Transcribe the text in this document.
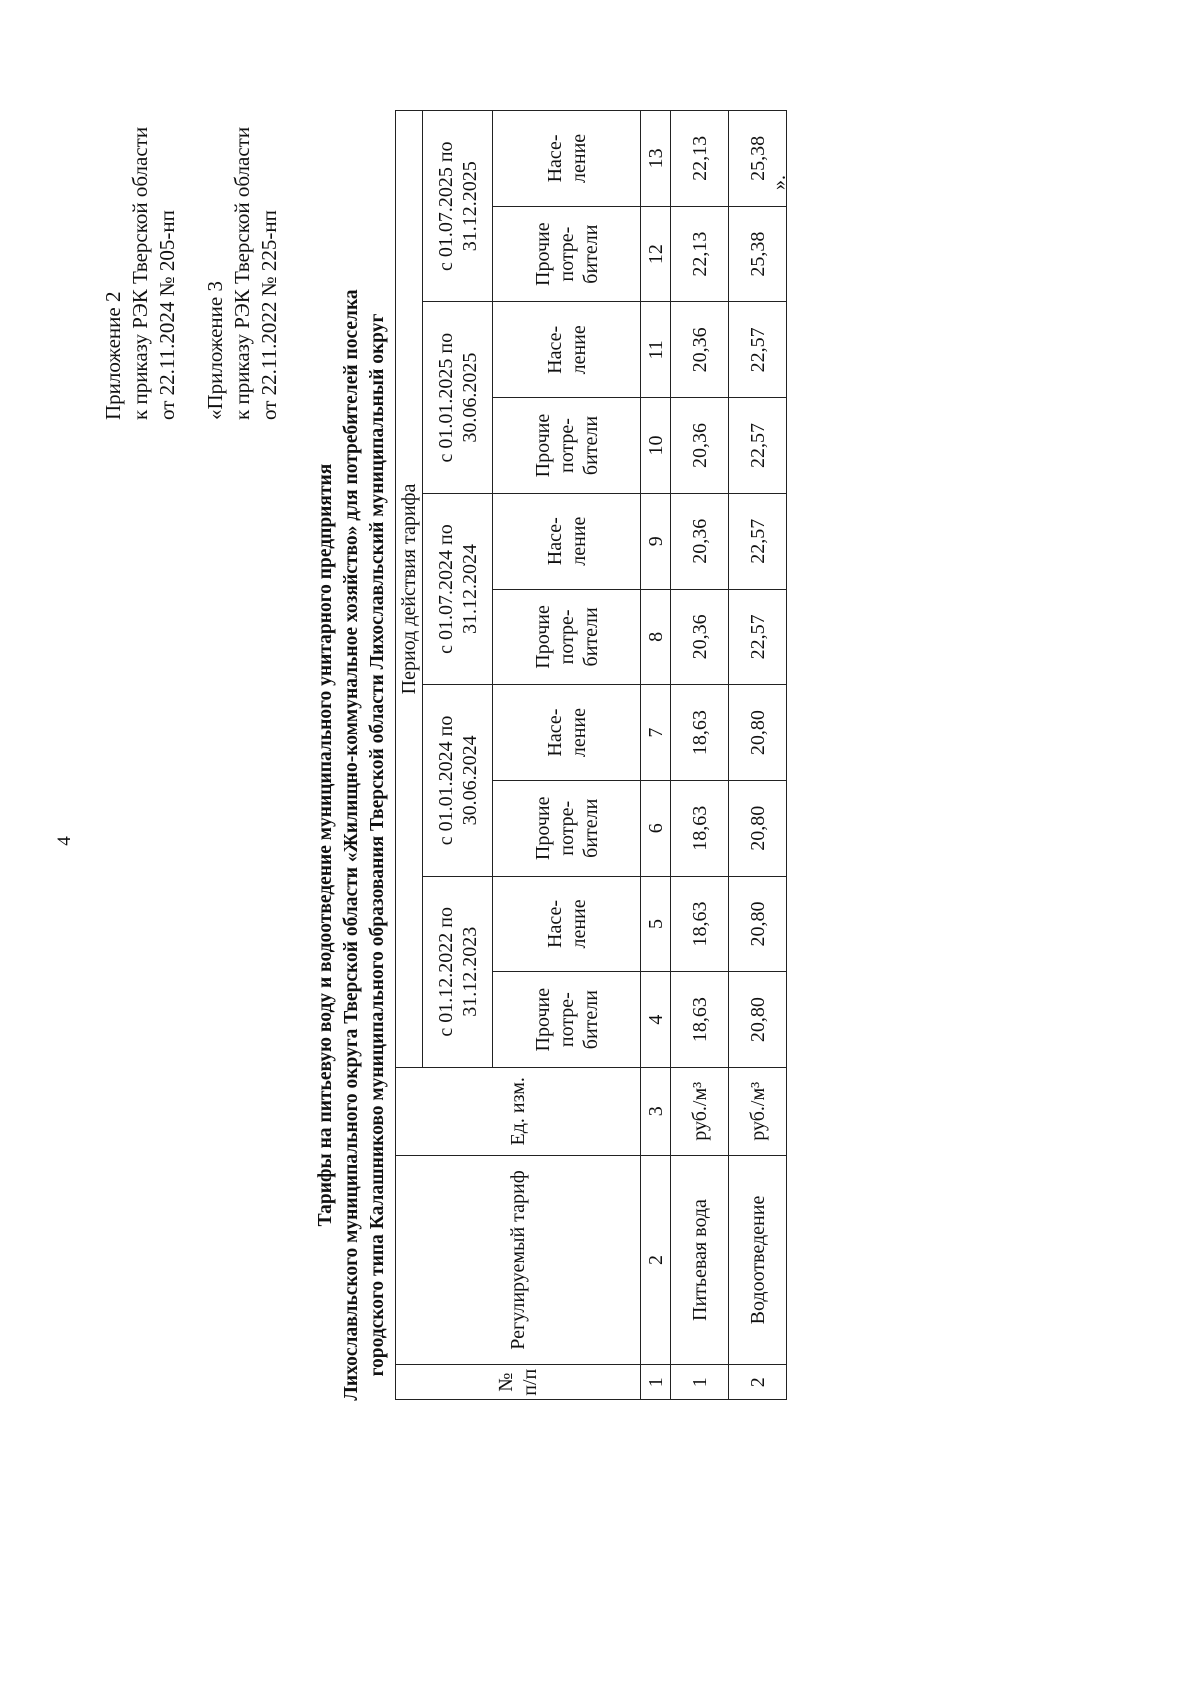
4
Приложение 2 к приказу РЭК Тверской области от 22.11.2024 № 205-нп «Приложение 3 к приказу РЭК Тверской области от 22.11.2022 № 225-нп
Тарифы на питьевую воду и водоотведение муниципального унитарного предприятия Лихославльского муниципального округа Тверской области «Жилищно-коммунальное хозяйство» для потребителей поселка городского типа Калашниково муниципального образования Тверской области Лихославльский муниципальный округ
№ п/п	Регулируемый тариф	Ед. изм.	Период действия тарифа									
			с 01.12.2022 по 31.12.2023		с 01.01.2024 по 30.06.2024		с 01.07.2024 по 31.12.2024		с 01.01.2025 по 30.06.2025		с 01.07.2025 по 31.12.2025	
			Прочие потре-бители	Насе-ление	Прочие потре-бители	Насе-ление	Прочие потре-бители	Насе-ление	Прочие потре-бители	Насе-ление	Прочие потре-бители	Насе-ление
1	2	3	4	5	6	7	8	9	10	11	12	13
1	Питьевая вода	руб./м³	18,63	18,63	18,63	18,63	20,36	20,36	20,36	20,36	22,13	22,13
2	Водоотведение	руб./м³	20,80	20,80	20,80	20,80	22,57	22,57	22,57	22,57	25,38	25,38
».
